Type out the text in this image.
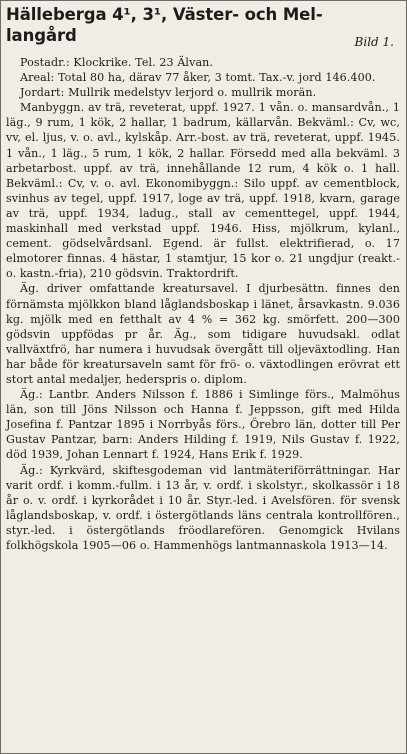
Hälleberga 4¹, 3¹, Väster- och Mel-
langård	Bild 1.

Postadr.: Klockrike. Tel. 23 Älvan.

Areal: Total 80 ha, därav 77 åker, 3 tomt. Tax.-v. jord 146.400.

Jordart: Mullrik medelstyv lerjord o. mullrik morän.

Manbyggn. av trä, reveterat, uppf. 1927. 1 vån. o. mansardvån., 1 läg., 9 rum, 1 kök, 2 hallar, 1 badrum, källarvån. Bekväml.: Cv, wc, vv, el. ljus, v. o. avl., kylskåp. Arr.-bost. av trä, reveterat, uppf. 1945. 1 vån., 1 läg., 5 rum, 1 kök, 2 hallar. Försedd med alla bekväml. 3 arbetarbost. uppf. av trä, innehållande 12 rum, 4 kök o. 1 hall. Bekväml.: Cv, v. o. avl. Ekonomibyggn.: Silo uppf. av cementblock, svinhus av tegel, uppf. 1917, loge av trä, uppf. 1918, kvarn, garage av trä, uppf. 1934, ladug., stall av cementtegel, uppf. 1944, maskinhall med verkstad uppf. 1946. Hiss, mjölkrum, kylanl., cement. gödselvårdsanl. Egend. är fullst. elektrifierad, o. 17 elmotorer finnas. 4 hästar, 1 stamtjur, 15 kor o. 21 ungdjur (reakt.- o. kastn.-fria), 210 gödsvin. Traktordrift.

Äg. driver omfattande kreatursavel. I djurbesättn. finnes den förnämsta mjölkkon bland låglandsboskap i länet, årsavkastn. 9.036 kg. mjölk med en fetthalt av 4 % = 362 kg. smörfett. 200—300 gödsvin uppfödas pr år. Äg., som tidigare huvudsakl. odlat vallväxtfrö, har numera i huvudsak övergått till oljeväxtodling. Han har både för kreatursaveln samt för frö- o. växtodlingen erövrat ett stort antal medaljer, hederspris o. diplom.

Äg.: Lantbr. Anders Nilsson f. 1886 i Simlinge förs., Malmöhus län, son till Jöns Nilsson och Hanna f. Jeppsson, gift med Hilda Josefina f. Pantzar 1895 i Norrbyås förs., Örebro län, dotter till Per Gustav Pantzar, barn: Anders Hilding f. 1919, Nils Gustav f. 1922, död 1939, Johan Lennart f. 1924, Hans Erik f. 1929.

Äg.: Kyrkvärd, skiftesgodeman vid lantmäteriförrättningar. Har varit ordf. i komm.-fullm. i 13 år, v. ordf. i skolstyr., skolkassör i 18 år o. v. ordf. i kyrkorådet i 10 år. Styr.-led. i Avelsfören. för svensk låglandsboskap, v. ordf. i östergötlands läns centrala kontrollfören., styr.-led. i östergötlands fröodlarefören. Genomgick Hvilans folkhögskola 1905—06 o. Hammenhögs lantmannaskola 1913—14.
